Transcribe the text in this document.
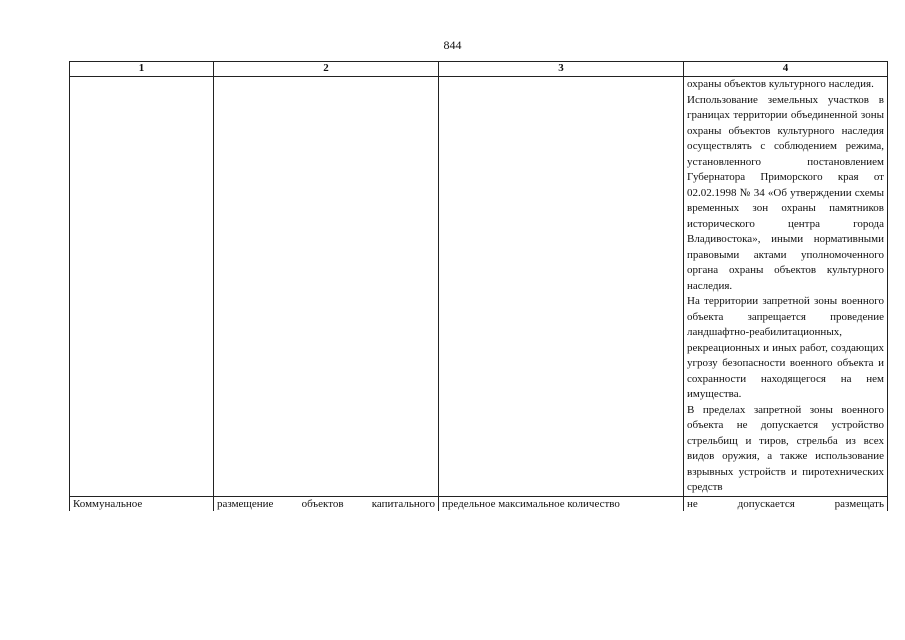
844
1	2	3	4

			охраны объектов культурного наследия.

Использование земельных участков в границах территории объединенной зоны охраны объектов культурного наследия осуществлять с соблюдением режима, установленного постановлением Губернатора Приморского края от 02.02.1998 № 34 «Об утверждении схемы временных зон охраны памятников исторического центра города Владивостока», иными нормативными правовыми актами уполномоченного органа охраны объектов культурного наследия.

На территории запретной зоны военного объекта запрещается проведение ландшафтно-реабилитационных, рекреационных и иных работ, создающих угрозу безопасности военного объекта и сохранности находящегося на нем имущества.

В пределах запретной зоны военного объекта не допускается устройство стрельбищ и тиров, стрельба из всех видов оружия, а также использование взрывных устройств и пиротехнических средств

Коммунальное	размещение объектов капитального	предельное максимальное количество	не допускается размещать
